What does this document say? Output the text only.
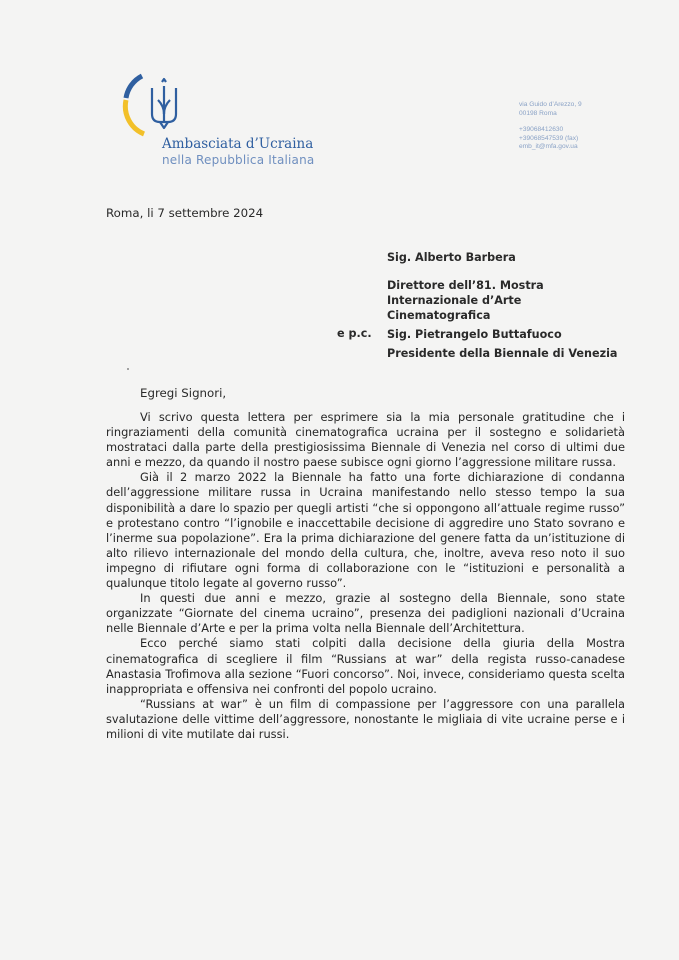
Ambasciata d’Ucraina
nella Repubblica Italiana
via Guido d’Arezzo, 9
00198 Roma
+39068412630
+39068547539 (fax)
emb_it@mfa.gov.ua
Roma, li 7 settembre 2024
Sig. Alberto Barbera
Direttore dell’81. Mostra
Internazionale d’Arte
Cinematografica
e p.c. Sig. Pietrangelo Buttafuoco
Presidente della Biennale di Venezia
Egregi Signori,

Vi scrivo questa lettera per esprimere sia la mia personale gratitudine che i ringraziamenti della comunità cinematografica ucraina per il sostegno e solidarietà mostrataci dalla parte della prestigiosissima Biennale di Venezia nel corso di ultimi due anni e mezzo, da quando il nostro paese subisce ogni giorno l’aggressione militare russa.

Già il 2 marzo 2022 la Biennale ha fatto una forte dichiarazione di condanna dell’aggressione militare russa in Ucraina manifestando nello stesso tempo la sua disponibilità a dare lo spazio per quegli artisti “che si oppongono all’attuale regime russo” e protestano contro “l’ignobile e inaccettabile decisione di aggredire uno Stato sovrano e l’inerme sua popolazione”. Era la prima dichiarazione del genere fatta da un’istituzione di alto rilievo internazionale del mondo della cultura, che, inoltre, aveva reso noto il suo impegno di rifiutare ogni forma di collaborazione con le “istituzioni e personalità a qualunque titolo legate al governo russo”.

In questi due anni e mezzo, grazie al sostegno della Biennale, sono state organizzate “Giornate del cinema ucraino”, presenza dei padiglioni nazionali d’Ucraina nelle Biennale d’Arte e per la prima volta nella Biennale dell’Architettura.

Ecco perché siamo stati colpiti dalla decisione della giuria della Mostra cinematografica di scegliere il film “Russians at war” della regista russo-canadese Anastasia Trofimova alla sezione “Fuori concorso”. Noi, invece, consideriamo questa scelta inappropriata e offensiva nei confronti del popolo ucraino.

“Russians at war” è un film di compassione per l’aggressore con una parallela svalutazione delle vittime dell’aggressore, nonostante le migliaia di vite ucraine perse e i milioni di vite mutilate dai russi.
